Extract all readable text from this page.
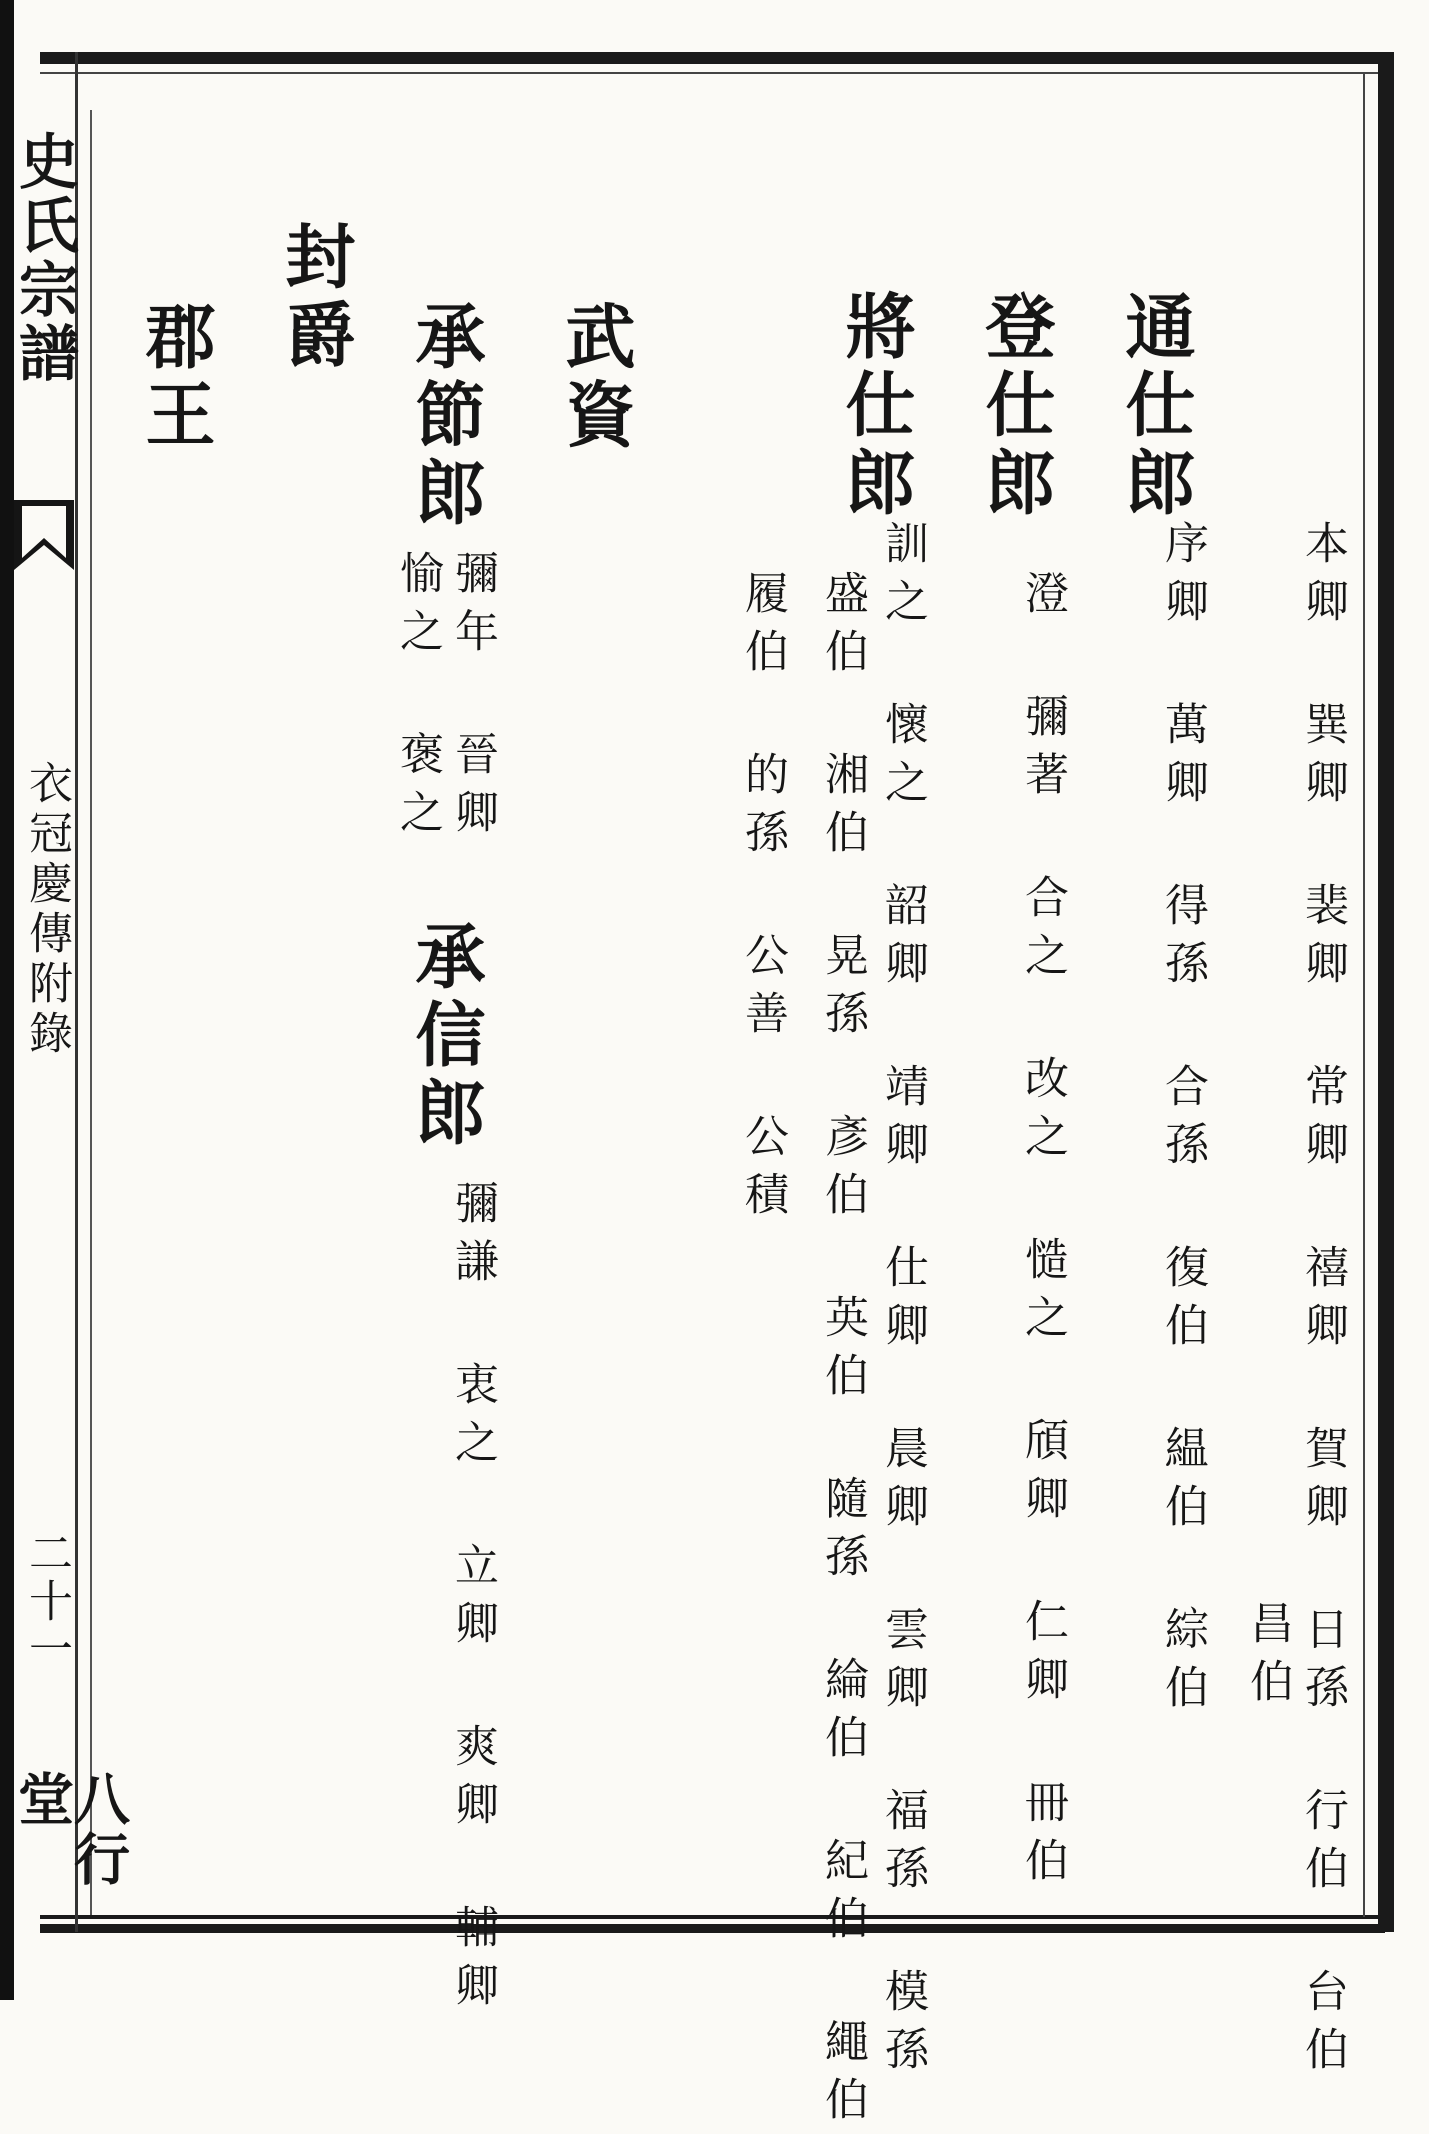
史氏宗譜
衣冠慶傳附錄
二十一
八行堂	本卿 巽卿 裴卿 常卿 禧卿 賀卿 日孫 行伯 台伯
昌伯
通仕郎
序卿 萬卿 得孫 合孫 復伯 緼伯 綜伯
登仕郎
澄 彌著 合之 改之 慥之 頎卿 仁卿 冊伯
將仕郎
訓之 懷之 韶卿 靖卿 仕卿 晨卿 雲卿 福孫 模孫
盛伯 湘伯 晃孫 彥伯 英伯 隨孫 綸伯 紀伯 繩伯
履伯 的孫 公善 公積
武資
承節郎
彌年 晉卿
愉之 褒之
承信郎
彌謙 衷之 立卿 爽卿 輔卿
封爵
郡王
